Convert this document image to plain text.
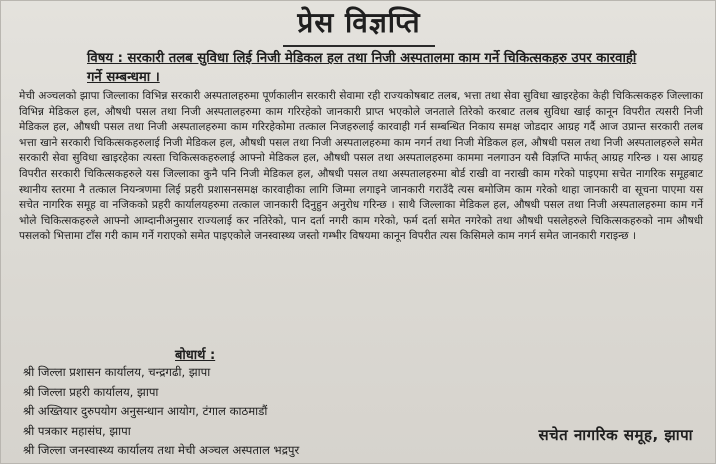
प्रेस विज्ञप्ति
विषय : सरकारी तलब सुविधा लिई निजी मेडिकल हल तथा निजी अस्पतालमा काम गर्ने चिकित्सकहरु उपर कारवाही गर्ने सम्बन्धमा ।
मेची अञ्चलको झापा जिल्लाका विभिन्न सरकारी अस्पतालहरुमा पूर्णकालीन सरकारी सेवामा रही राज्यकोषबाट तलब, भत्ता तथा सेवा सुविधा खाइरहेका केही चिकित्सकहरु जिल्लाका विभिन्न मेडिकल हल, औषधी पसल तथा निजी अस्पतालहरुमा काम गरिरहेको जानकारी प्राप्त भएकोले जनताले तिरेको करबाट तलब सुविधा खाई कानून विपरीत त्यसरी निजी मेडिकल हल, औषधी पसल तथा निजी अस्पतालहरुमा काम गरिरहेकोमा तत्काल निजहरुलाई कारवाही गर्न सम्बन्धित निकाय समक्ष जोडदार आग्रह गर्दै आज उप्रान्त सरकारी तलब भत्ता खाने सरकारी चिकित्सकहरुलाई निजी मेडिकल हल, औषधी पसल तथा निजी अस्पतालहरुमा काम नगर्न तथा निजी मेडिकल हल, औषधी पसल तथा निजी अस्पतालहरुले समेत सरकारी सेवा सुविधा खाइरहेका त्यस्ता चिकित्सकहरुलाई आफ्नो मेडिकल हल, औषधी पसल तथा अस्पतालहरुमा काममा नलगाउन यसै विज्ञप्ति मार्फत् आग्रह गरिन्छ । यस आग्रह विपरीत सरकारी चिकित्सकहरुले यस जिल्लाका कुनै पनि निजी मेडिकल हल, औषधी पसल तथा अस्पतालहरुमा बोर्ड राखी वा नराखी काम गरेको पाइएमा सचेत नागरिक समूहबाट स्थानीय स्तरमा नै तत्काल नियन्त्रणमा लिई प्रहरी प्रशासनसमक्ष कारवाहीका लागि जिम्मा लगाइने जानकारी गराउँदै त्यस बमोजिम काम गरेको थाहा जानकारी वा सूचना पाएमा यस सचेत नागरिक समूह वा नजिकको प्रहरी कार्यालयहरुमा तत्काल जानकारी दिनुहुन अनुरोध गरिन्छ । साथै जिल्लाका मेडिकल हल, औषधी पसल तथा निजी अस्पतालहरुमा काम गर्ने भोले चिकित्सकहरुले आफ्नो आम्दानीअनुसार राज्यलाई कर नतिरेको, पान दर्ता नगरी काम गरेको, फर्म दर्ता समेत नगरेको तथा औषधी पसलेहरुले चिकित्सकहरुको नाम औषधी पसलको भित्तामा टाँस गरी काम गर्ने गराएको समेत पाइएकोले जनस्वास्थ्य जस्तो गम्भीर विषयमा कानून विपरीत त्यस किसिमले काम नगर्न समेत जानकारी गराइन्छ ।
बोधार्थ :
श्री जिल्ला प्रशासन कार्यालय, चन्द्रगढी, झापा
श्री जिल्ला प्रहरी कार्यालय, झापा
श्री अख्तियार दुरुपयोग अनुसन्धान आयोग, टंगाल काठमाडौं
श्री पत्रकार महासंघ, झापा
श्री जिल्ला जनस्वास्थ्य कार्यालय तथा मेची अञ्चल अस्पताल भद्रपुर
सचेत नागरिक समूह, झापा
